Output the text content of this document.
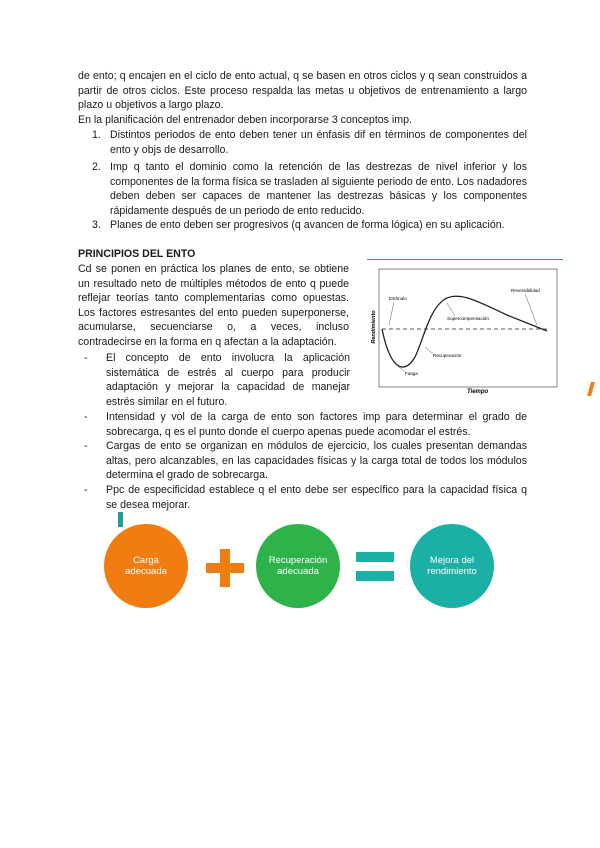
de ento; q encajen en el ciclo de ento actual, q se basen en otros ciclos y q sean construidos a partir de otros ciclos. Este proceso respalda las metas u objetivos de entrenamiento a largo plazo u objetivos a largo plazo.
En la planificación del entrenador deben incorporarse 3 conceptos imp.
1. Distintos periodos de ento deben tener un énfasis dif en términos de componentes del ento y objs de desarrollo.
2. Imp q tanto el dominio como la retención de las destrezas de nivel inferior y los componentes de la forma física se trasladen al siguiente periodo de ento. Los nadadores deben deben ser capaces de mantener las destrezas básicas y los componentes rápidamente después de un periodo de ento reducido.
3. Planes de ento deben ser progresivos (q avancen de forma lógica) en su aplicación.
PRINCIPIOS DEL ENTO
Cd se ponen en práctica los planes de ento, se obtiene un resultado neto de múltiples métodos de ento q puede reflejar teorías tanto complementarias como opuestas. Los factores estresantes del ento pueden superponerse, acumularse, secuenciarse o, a veces, incluso contradecirse en la forma en q afectan a la adaptación.
- El concepto de ento involucra la aplicación sistemática de estrés al cuerpo para producir adaptación y mejorar la capacidad de manejar estrés similar en el futuro.
- Intensidad y vol de la carga de ento son factores imp para determinar el grado de sobrecarga, q es el punto donde el cuerpo apenas puede acomodar el estrés.
- Cargas de ento se organizan en módulos de ejercicio, los cuales presentan demandas altas, pero alcanzables, en las capacidades físicas y la carga total de todos los módulos determina el grado de sobrecarga.
- Ppc de especificidad establece q el ento debe ser específico para la capacidad física q se desea mejorar.
Rendimiento
Tiempo
Estímulo
Reversibilidad
Supercompensación
Recuperación
Fatiga
Carga adecuada
Recuperación adecuada
Mejora del rendimiento
